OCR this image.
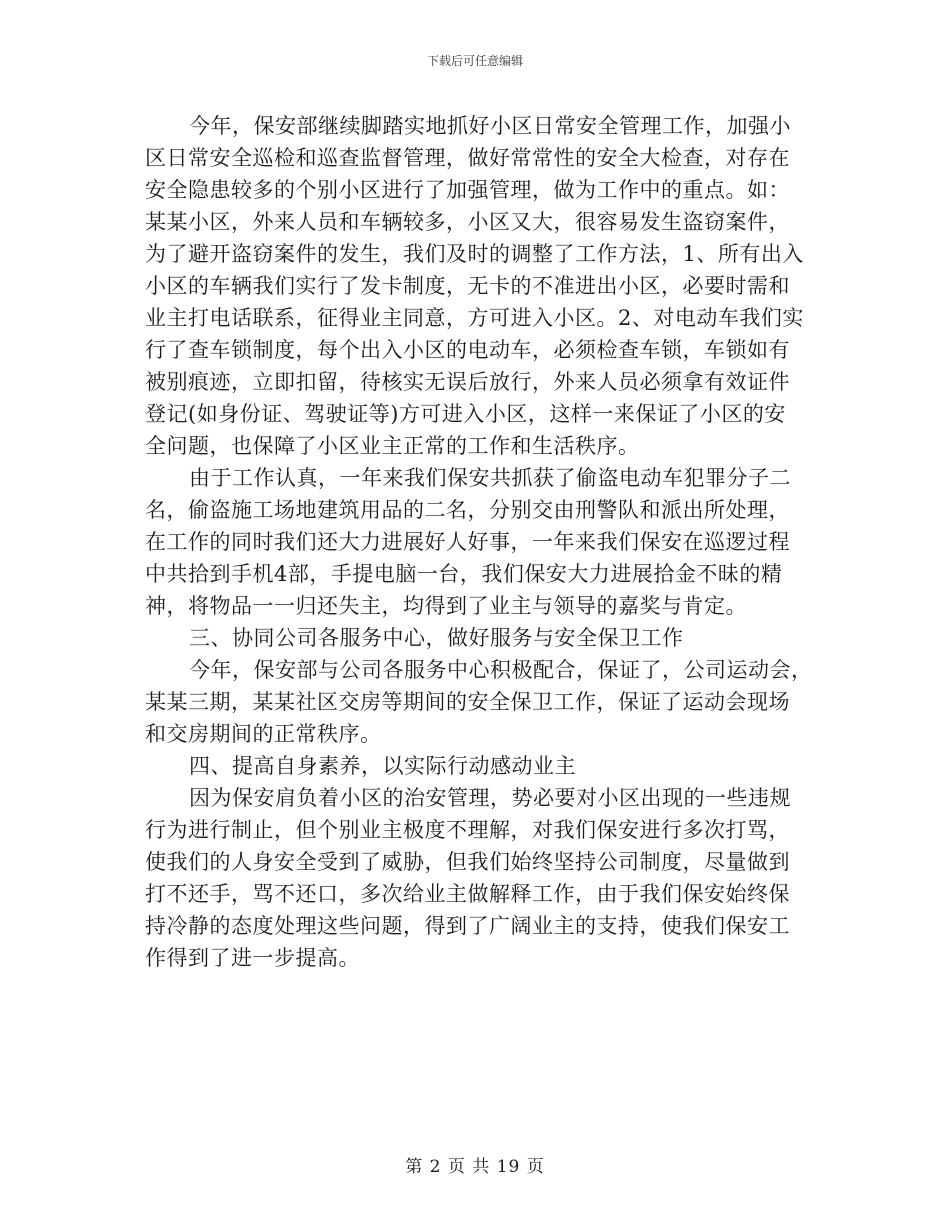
下载后可任意编辑
今年，保安部继续脚踏实地抓好小区日常安全管理工作，加强小
区日常安全巡检和巡查监督管理，做好常常性的安全大检查，对存在
安全隐患较多的个别小区进行了加强管理，做为工作中的重点。如：
某某小区，外来人员和车辆较多，小区又大，很容易发生盗窃案件，
为了避开盗窃案件的发生，我们及时的调整了工作方法，1、所有出入
小区的车辆我们实行了发卡制度，无卡的不准进出小区，必要时需和
业主打电话联系，征得业主同意，方可进入小区。2、对电动车我们实
行了查车锁制度，每个出入小区的电动车，必须检查车锁，车锁如有
被别痕迹，立即扣留，待核实无误后放行，外来人员必须拿有效证件
登记(如身份证、驾驶证等)方可进入小区，这样一来保证了小区的安
全问题，也保障了小区业主正常的工作和生活秩序。
由于工作认真，一年来我们保安共抓获了偷盗电动车犯罪分子二
名，偷盗施工场地建筑用品的二名，分别交由刑警队和派出所处理，
在工作的同时我们还大力进展好人好事，一年来我们保安在巡逻过程
中共拾到手机4部，手提电脑一台，我们保安大力进展拾金不昧的精
神，将物品一一归还失主，均得到了业主与领导的嘉奖与肯定。
三、协同公司各服务中心，做好服务与安全保卫工作
今年，保安部与公司各服务中心积极配合，保证了，公司运动会，
某某三期，某某社区交房等期间的安全保卫工作，保证了运动会现场
和交房期间的正常秩序。
四、提高自身素养，以实际行动感动业主
因为保安肩负着小区的治安管理，势必要对小区出现的一些违规
行为进行制止，但个别业主极度不理解，对我们保安进行多次打骂，
使我们的人身安全受到了威胁，但我们始终坚持公司制度，尽量做到
打不还手，骂不还口，多次给业主做解释工作，由于我们保安始终保
持冷静的态度处理这些问题，得到了广阔业主的支持，使我们保安工
作得到了进一步提高。
第 2 页 共 19 页
